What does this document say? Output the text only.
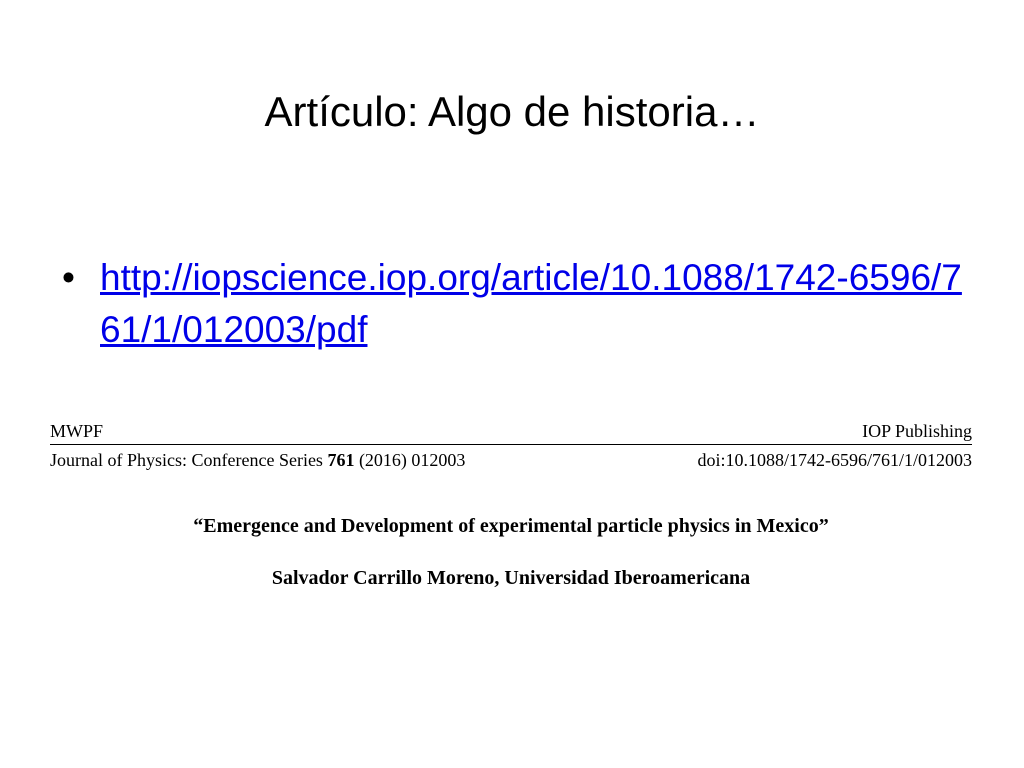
Artículo: Algo de historia…
• http://iopscience.iop.org/article/10.1088/1742-6596/761/1/012003/pdf
MWPF	IOP Publishing
Journal of Physics: Conference Series 761 (2016) 012003	doi:10.1088/1742-6596/761/1/012003
“Emergence and Development of experimental particle physics in Mexico”
Salvador Carrillo Moreno, Universidad Iberoamericana
